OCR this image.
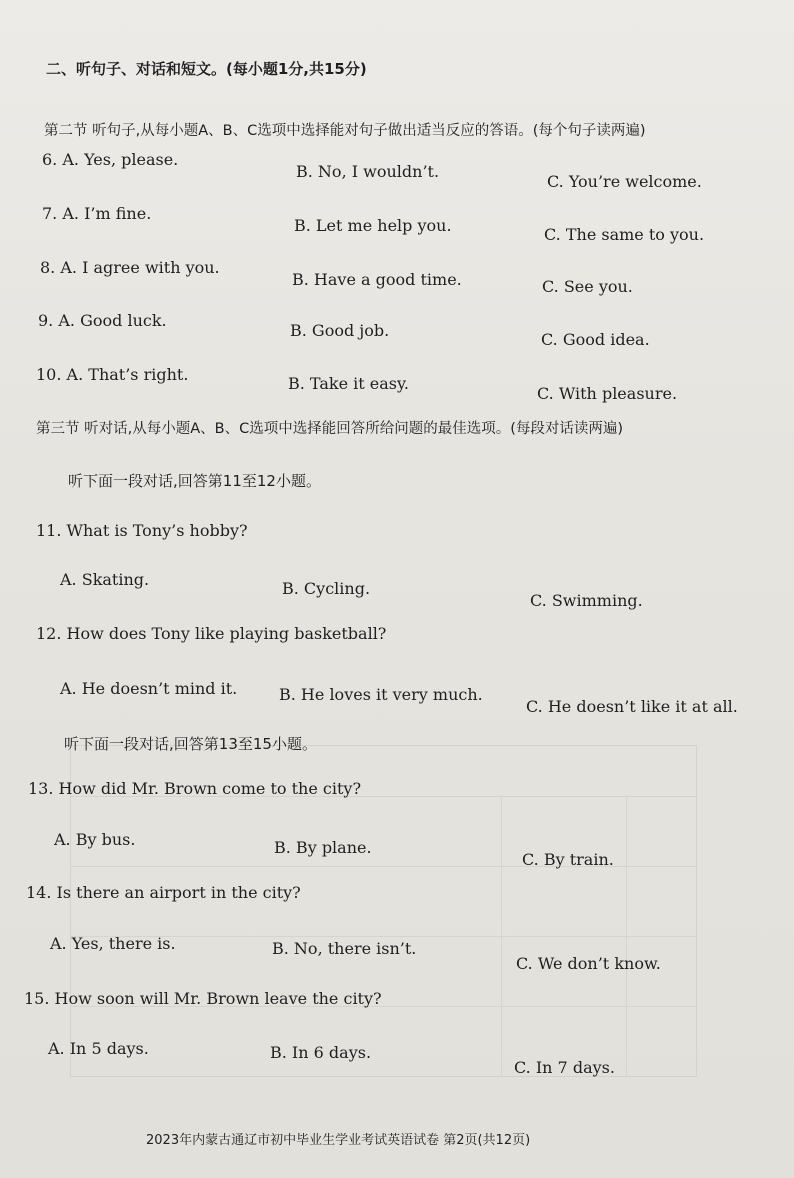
二、听句子、对话和短文。(每小题1分,共15分)
第二节 听句子,从每小题A、B、C选项中选择能对句子做出适当反应的答语。(每个句子读两遍)
6. A. Yes, please.
B. No, I wouldn’t.
C. You’re welcome.
7. A. I’m fine.
B. Let me help you.	C. The same to you.
8. A. I agree with you.
B. Have a good time.	C. See you.
9. A. Good luck.
B. Good job.	C. Good idea.
10. A. That’s right.	B. Take it easy.
C. With pleasure.
第三节 听对话,从每小题A、B、C选项中选择能回答所给问题的最佳选项。(每段对话读两遍)
听下面一段对话,回答第11至12小题。
11. What is Tony’s hobby?
A. Skating.	B. Cycling.
C. Swimming.
12. How does Tony like playing basketball?
A. He doesn’t mind it.	B. He loves it very much.
C. He doesn’t like it at all.
听下面一段对话,回答第13至15小题。
13. How did Mr. Brown come to the city?
A. By bus.	B. By plane.
C. By train.
14. Is there an airport in the city?
A. Yes, there is.	B. No, there isn’t.
C. We don’t know.
15. How soon will Mr. Brown leave the city?
A. In 5 days.	B. In 6 days.
C. In 7 days.
2023年内蒙古通辽市初中毕业生学业考试英语试卷 第2页(共12页)
